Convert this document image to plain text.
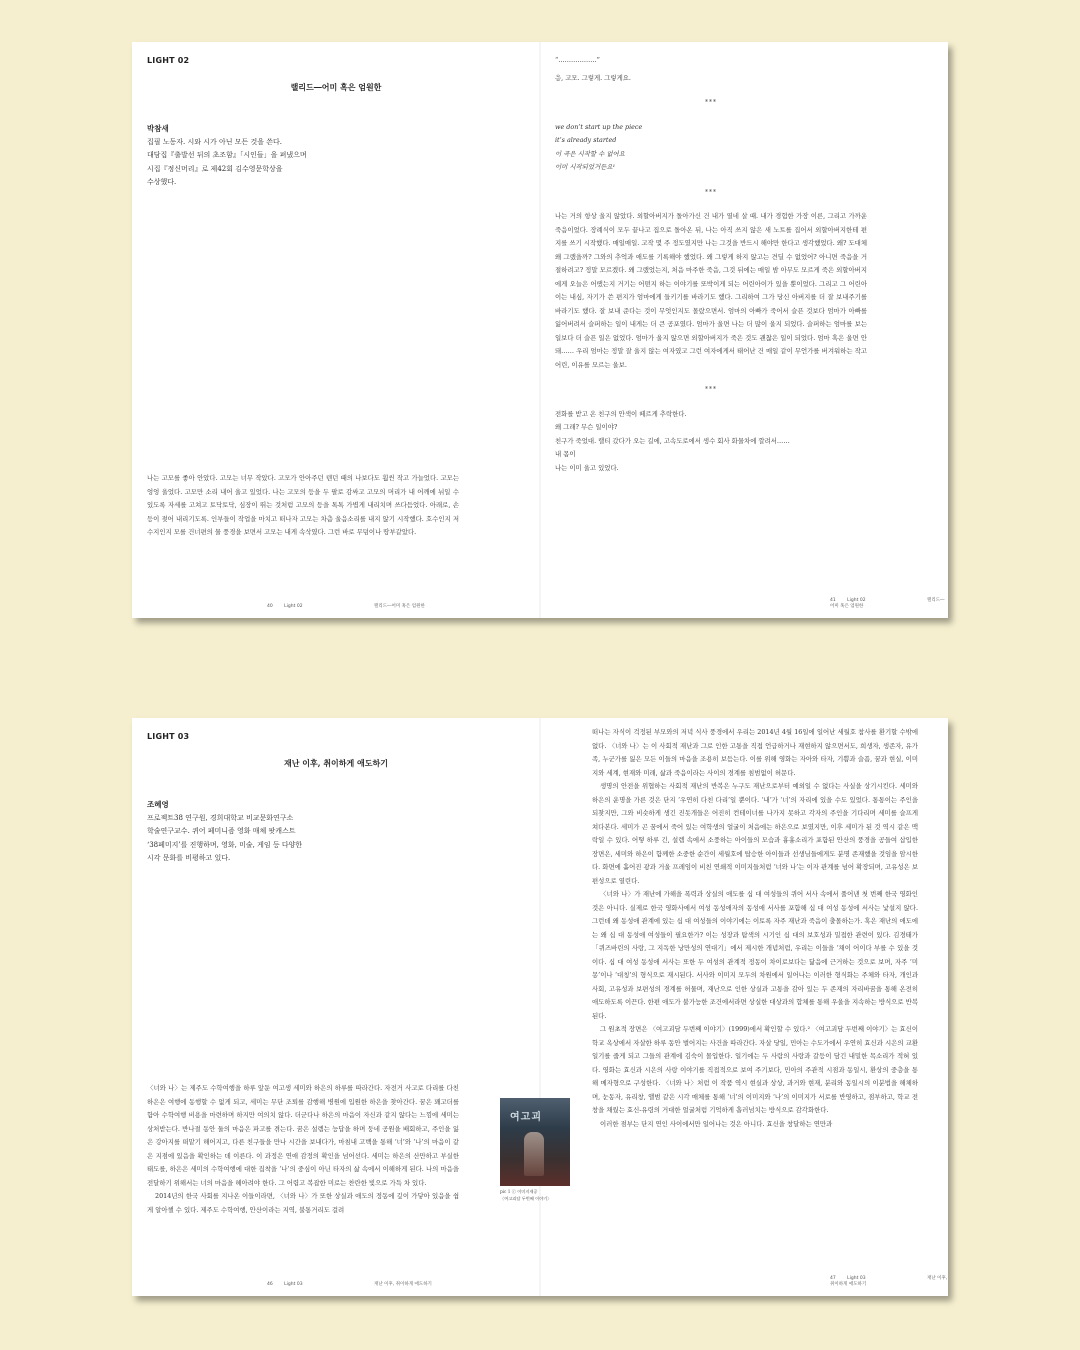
LIGHT 02
랠리드―어미 혹은 엄원한
박참새
집필 노동자. 시와 시가 아닌 모든 것을 쓴다.
대담집『출발선 뒤의 초조함』「시인들」을 펴냈으며
시집『정신머리』로 제42회 김수영문학상을
수상했다.

나는 고모를 좋아 안았다. 고모는 너무 작았다. 고모가 안아주던 텐던 때의 나보다도 훨씬 작고 가늘었다. 고모는 엉엉 울었다. 고모만 소리 내어 울고 있었다. 나는 고모의 등을 두 팔로 감싸고 고모의 머리가 내 어깨에 뉘일 수 있도록 자세를 고쳐고 토닥토닥, 심장이 뛰는 것처럼 고모의 등을 톡톡 가볍게 내리치며 쓰다듬었다. 아래로, 손등이 젖어 내리기도록. 인부들이 작업을 마치고 떠나자 고모는 차츰 울음소리를 내지 않기 시작했다. 호수인지 저수지인지 모를 건너편의 물 풍경을 보면서 고모는 내게 속삭였다. 그런 바로 무덤이나 땅부같았다.

40	Light 02	랠리드―어미 혹은 엄원한

“………………”

응, 고모. 그렇게. 그렇게요.

***

we don’t start up the piece

it’s already started

이 곡은 시작할 수 없어요

이미 시작되었거든요¹

***

나는 거의 항상 울지 않았다. 외할아버지가 돌아가신 건 내가 열네 살 때. 내가 경험한 가장 이른, 그리고 가까운 죽음이었다. 장례식이 모두 끝나고 집으로 돌아온 뒤, 나는 아직 쓰지 않은 새 노트를 집어서 외할아버지한테 편지를 쓰기 시작했다. 매일매일. 고작 몇 주 정도였지만 나는 그것을 반드시 해야만 한다고 생각했었다. 왜? 도대체 왜 그랬을까? 그와의 추억과 애도를 기록해야 했었다. 왜 그렇게 하지 않고는 견딜 수 없었어? 아니면 죽음을 거절하려고? 정말 모르겠다. 왜 그랬었는지, 처음 마주한 죽음, 그것 뒤에는 매일 밤 아무도 모르게 죽은 외할아버지에게 오늘은 어땠는지 거기는 어떤지 하는 이야기를 또박이게 되는 어린아이가 있을 뿐이었다. 그리고 그 어린아이는 내심, 자기가 쓴 편지가 엄마에게 들키기를 바라기도 했다. 그리하여 그가 당신 아버지를 더 잘 보내주기를 바라기도 했다. 잘 보내 준다는 것이 무엇인지도 몰랐으면서. 엄마의 아빠가 죽어서 슬픈 것보다 엄마가 아빠를 잃어버려서 슬퍼하는 일이 내게는 더 큰 공포였다. 엄마가 울면 나는 더 많이 울지 되었다. 슬퍼하는 엄마를 보는 일보다 더 슬픈 일은 없었다. 엄마가 울지 않으면 외할아버지가 죽은 것도 괜찮은 일이 되었다. 엄마 혹은 울면 안 돼…… 우리 엄마는 정말 잘 울지 않는 여자였고 그런 여자에게서 태어난 건 매일 같이 무언가를 버겨워하는 작고 어린, 이유를 모르는 울보.

***

전화를 받고 온 친구의 안색이 떼르게 추락한다.

왜 그래? 무슨 일이야?

친구가 죽었대. 랠티 갔다가 오는 길에, 고속도로에서 생수 회사 화물차에 깔려서……

내 몸이

나는 이미 울고 있었다.

41	Light 02	랠리드―어미 혹은 엄원한
LIGHT 03
재난 이후, 취이하게 애도하기
조혜영
프로젝트38 연구원, 경희대학교 비교문화연구소
학술연구교수. 퀴어 페미니즘 영화 매체 팟캐스트
‘38페미지’를 진행하며, 영화, 미술, 게임 등 다양한
시각 문화를 비평하고 있다.

〈너와 나〉는 제주도 수학여행을 하루 앞둔 여고생 세미와 하은의 하루를 따라간다. 자전거 사고로 다리를 다친 하은은 여행에 동행할 수 없게 되고, 세미는 무단 조퇴를 감행해 병원에 입원한 하은을 찾아간다. 꿈은 꽤고더를 함아 수학여행 비용을 마련하며 하지만 여의치 않다. 더군다나 하은의 마음이 자신과 같지 않다는 느낌에 세미는 상처받는다. 반나절 동안 둘의 마음은 파고를 겪는다. 꿈은 설렘는 능답을 하며 둥네 공원을 배회하고, 주인을 잃은 강아지를 떠맡기 해어지고, 다른 친구들을 만나 시간을 보내다가, 마침내 고백을 통해 ‘너’와 ‘나’의 마음이 같은 지점에 있음을 확인하는 데 이른다. 이 과정은 연애 감정의 확인을 넘어선다. 세미는 하은의 산만하고 부실한 태도를, 하은은 세미의 수학여행에 대한 집착을 ‘나’의 중심이 아닌 타자의 삶 속에서 이해하게 된다. 나의 마음을 전달하기 위해서는 너의 마음을 헤아려야 한다. 그 어렵고 복잡한 미로는 찬란한 빛으로 가득 차 있다.

2014년의 한국 사회를 지나온 이들이라면, 〈너와 나〉가 또한 상실과 애도의 정동에 깊이 가닿아 있음을 쉽게 알아챌 수 있다. 제주도 수학여행, 안산이라는 지역, 불통거리도 걸려

46	Light 03	재난 이후, 취이하게 애도하기
여고괴
pic 1 ⓒ 이미지제공
〈여고괴담 두번째 이야기〉

떠나는 자식이 걱정된 부모와의 저녁 식사 풍경에서 우리는 2014년 4월 16일에 일어난 세월호 참사를 환기할 수밖에 없다. 〈너와 나〉는 이 사회적 재난과 그로 인한 고통을 직접 언급하거나 재현하지 않으면서도, 희생자, 생존자, 유가족, 누군가를 잃은 모든 이들의 마음을 조용히 보듬는다. 이를 위해 영화는 자아와 타자, 기쁨과 슬픔, 꿈과 현실, 이미지와 세계, 현재와 미래, 삶과 죽음이라는 사이의 경계를 침범없이 허문다.

생명의 안전을 위협하는 사회적 재난의 반복은 누구도 재난으로부터 예외일 수 없다는 사실을 상기시킨다. 세미와 하은의 운명을 가른 것은 단지 ‘우연히 다친 다리’일 뿐이다. ‘내’가 ‘너’의 자리에 있을 수도 있었다. 통통이는 주인을 되찾지만, 그와 비슷하게 생긴 진돗개들은 어진히 컨테이너를 나가지 못하고 각자의 주인을 기다리며 세미를 슬프게 쳐다본다. 세미가 곤 꿈에서 죽어 있는 여학생의 얼굴이 처음에는 하은으로 보였지만, 이후 세미가 된 것 역시 같은 맥락일 수 있다. 어떻 하루 긴, 설렘 속에서 소풍하는 아이들의 모습과 흉흉소리가 포함된 안산의 풍경을 공들여 삽입한 장면은, 세미와 하은이 함께한 소중한 순간이 세월호에 탑승한 아이들과 선생님들에게도 분명 존재했을 것임을 암시한다. 화면에 흩어진 광과 거울 프레임이 비친 연쇄적 이미지들처럼 ‘너와 나’는 이자 관계를 넘어 확장되며, 고유성은 보편성으로 열린다.

〈너와 나〉가 재난에 가해을 폭력과 상실의 애도를 십 대 여성들의 퀴어 서사 속에서 풀어낸 첫 번째 한국 영화인 것은 아니다. 실제로 한국 영화사에서 여성 동성애자의 동성애 서사를 포함해 십 대 여성 동성에 서사는 낯설지 않다. 그런데 왜 동성애 관계에 있는 십 대 여성들의 이야기에는 이토록 자주 재난과 죽음이 출몰하는가. 혹은 재난의 애도에는 왜 십 대 동성애 여성들이 필요한가? 이는 성장과 탐색의 시기인 십 대의 보호성과 밀접한 관련이 있다. 김경태가 「퀴즈바린의 사랑, 그 지독한 낭만성의 연대기」에서 제시한 개념처럼, 우리는 이들을 ‘채이 어이다 부를 수 있을 것이다. 십 대 여성 동성애 서사는 또한 두 여성의 관계적 정동이 차이로보다는 닮음에 근거하는 것으로 보며, 자주 ‘미몽’이나 ‘대칭’의 형식으로 재시된다. 서사와 이미지 모두의 차원에서 일어나는 이러한 형식화는 주체와 타자, 개인과 사회, 고유성과 보편성의 경계를 허물며, 재난으로 인한 상실과 고통을 감아 있는 두 존재의 자리바꿈을 통해 온전히 애도하도록 이끈다. 한편 애도가 불가능한 조건에서라면 상실한 대상과의 합체를 통해 우울을 지속하는 방식으로 반복된다.

그 원초적 장면은 〈여고괴담 두번째 이야기〉(1999)에서 확인할 수 있다.² 〈여고괴담 두번째 이야기〉는 효신이 학교 옥상에서 자살한 하루 동안 벌어지는 사건을 따라간다. 자살 당일, 민아는 수도가에서 우연히 효신과 시은의 교환 일기를 줍게 되고 그들의 관계에 김숙이 몰입한다. 일기에는 두 사람의 사랑과 갈등이 담긴 내밀한 목소리가 적혀 있다. 영화는 효신과 시은의 사랑 이야기를 직접적으로 보여 주기보다, 민아의 주관적 시점과 동일시, 환상의 중층을 통해 메자형으로 구성한다. 〈너와 나〉처럼 이 작품 역시 현실과 상상, 과거와 현재, 분리와 동일시의 이분법을 해체하며, 눈동자, 유리창, 앨범 같은 시각 매체를 통해 ‘너’의 이미지와 ‘나’의 이미지가 서로를 반영하고, 점부하고, 학교 전창을 채웠는 효신-유령의 거대한 얼굴처럼 기억하게 흡러넘치는 방식으로 감각화한다.

이러한 점부는 단지 연인 사이에서만 일어나는 것은 아니다. 효신을 창달하는 연만과

47	Light 03	재난 이후, 취이하게 애도하기
